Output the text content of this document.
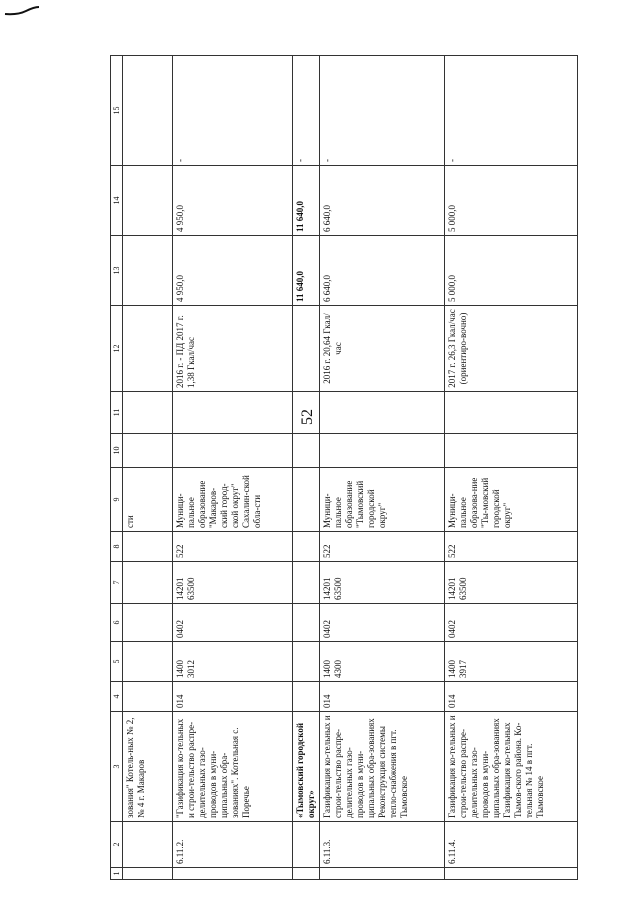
52
1	2	3	4	5	6	7	8	9	10	11	12	13	14	15
		зования" Котель-ных № 2, № 4 г. Макаров						сти						
	6.11.2.	"Газификация ко-тельных и строи-тельство распре-делительных газо-проводов в муни-ципальных обра-зованиях". Котельная с. Поречье	014	1400 3012	0402	14201 63500	522	Муници-пальное образование "Макаров-ский город-ской округ" Сахалин-ской обла-сти			2016 г. - ПД 2017 г. 1,38 Гкал/час	4 950,0	4 950,0	-
		«Тымовский городской округ»										11 640,0	11 640,0	-
	6.11.3.	Газификация ко-тельных и строи-тельство распре-делительных газо-проводов в муни-ципальных обра-зованиях Реконструкция системы тепло-снабжения в пгт. Тымовское	014	1400 4300	0402	14201 63500	522	Муници-пальное образование "Тымовский городской округ"			2016 г. 20,64 Гкал/час	6 640,0	6 640,0	-
	6.11.4.	Газификация ко-тельных и строи-тельство распре-делительных газо-проводов в муни-ципальных обра-зованиях Газификация ко-тельных Тымов-ского района. Ко-тельная № 14 в пгт. Тымовское	014	1400 3917	0402	14201 63500	522	Муници-пальное образова-ние "Ты-мовский городской округ"			2017 г. 26,3 Гкал/час (ориентиро-вочно)	5 000,0	5 000,0	-
